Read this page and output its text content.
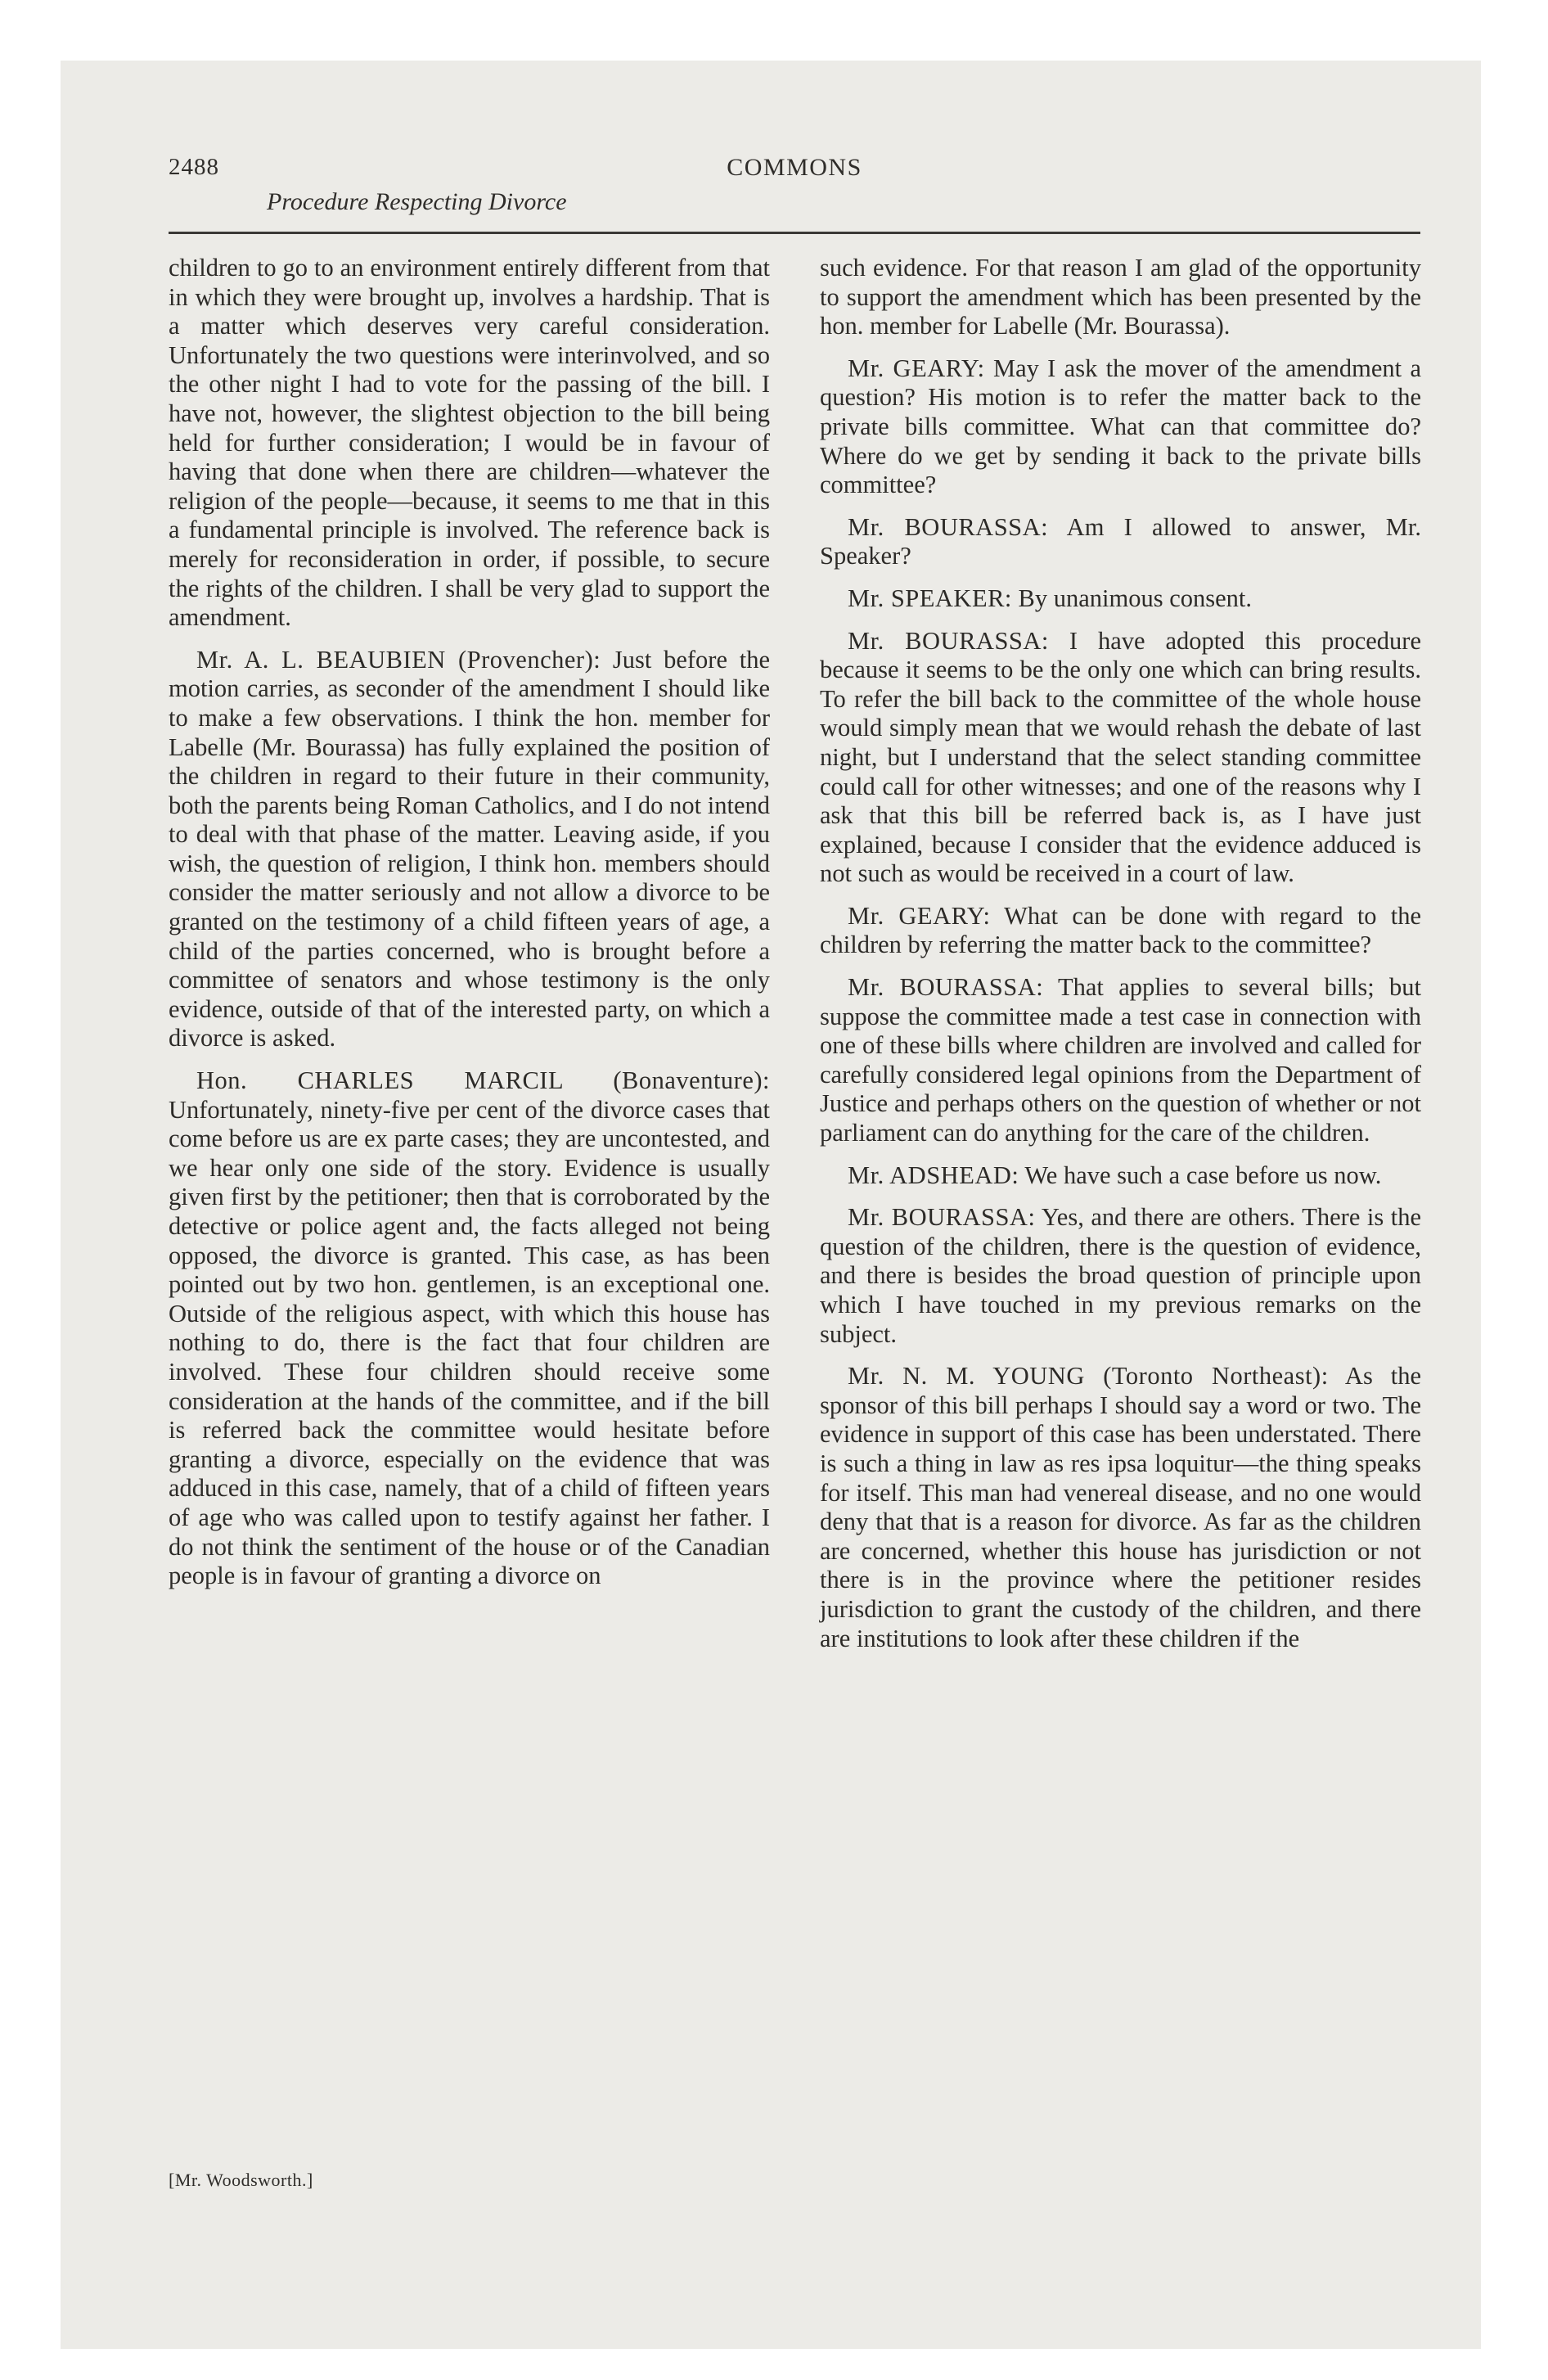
2488	COMMONS
Procedure Respecting Divorce

children to go to an environment entirely different from that in which they were brought up, involves a hardship. That is a matter which deserves very careful consideration. Unfortunately the two questions were interinvolved, and so the other night I had to vote for the passing of the bill. I have not, however, the slightest objection to the bill being held for further consideration; I would be in favour of having that done when there are children—whatever the religion of the people—because, it seems to me that in this a fundamental principle is involved. The reference back is merely for reconsideration in order, if possible, to secure the rights of the children. I shall be very glad to support the amendment.

Mr. A. L. BEAUBIEN (Provencher): Just before the motion carries, as seconder of the amendment I should like to make a few observations. I think the hon. member for Labelle (Mr. Bourassa) has fully explained the position of the children in regard to their future in their community, both the parents being Roman Catholics, and I do not intend to deal with that phase of the matter. Leaving aside, if you wish, the question of religion, I think hon. members should consider the matter seriously and not allow a divorce to be granted on the testimony of a child fifteen years of age, a child of the parties concerned, who is brought before a committee of senators and whose testimony is the only evidence, outside of that of the interested party, on which a divorce is asked.

Hon. CHARLES MARCIL (Bonaventure): Unfortunately, ninety-five per cent of the divorce cases that come before us are ex parte cases; they are uncontested, and we hear only one side of the story. Evidence is usually given first by the petitioner; then that is corroborated by the detective or police agent and, the facts alleged not being opposed, the divorce is granted. This case, as has been pointed out by two hon. gentlemen, is an exceptional one. Outside of the religious aspect, with which this house has nothing to do, there is the fact that four children are involved. These four children should receive some consideration at the hands of the committee, and if the bill is referred back the committee would hesitate before granting a divorce, especially on the evidence that was adduced in this case, namely, that of a child of fifteen years of age who was called upon to testify against her father. I do not think the sentiment of the house or of the Canadian people is in favour of granting a divorce on

such evidence. For that reason I am glad of the opportunity to support the amendment which has been presented by the hon. member for Labelle (Mr. Bourassa).

Mr. GEARY: May I ask the mover of the amendment a question? His motion is to refer the matter back to the private bills committee. What can that committee do? Where do we get by sending it back to the private bills committee?

Mr. BOURASSA: Am I allowed to answer, Mr. Speaker?

Mr. SPEAKER: By unanimous consent.

Mr. BOURASSA: I have adopted this procedure because it seems to be the only one which can bring results. To refer the bill back to the committee of the whole house would simply mean that we would rehash the debate of last night, but I understand that the select standing committee could call for other witnesses; and one of the reasons why I ask that this bill be referred back is, as I have just explained, because I consider that the evidence adduced is not such as would be received in a court of law.

Mr. GEARY: What can be done with regard to the children by referring the matter back to the committee?

Mr. BOURASSA: That applies to several bills; but suppose the committee made a test case in connection with one of these bills where children are involved and called for carefully considered legal opinions from the Department of Justice and perhaps others on the question of whether or not parliament can do anything for the care of the children.

Mr. ADSHEAD: We have such a case before us now.

Mr. BOURASSA: Yes, and there are others. There is the question of the children, there is the question of evidence, and there is besides the broad question of principle upon which I have touched in my previous remarks on the subject.

Mr. N. M. YOUNG (Toronto Northeast): As the sponsor of this bill perhaps I should say a word or two. The evidence in support of this case has been understated. There is such a thing in law as res ipsa loquitur—the thing speaks for itself. This man had venereal disease, and no one would deny that that is a reason for divorce. As far as the children are concerned, whether this house has jurisdiction or not there is in the province where the petitioner resides jurisdiction to grant the custody of the children, and there are institutions to look after these children if the

[Mr. Woodsworth.]
